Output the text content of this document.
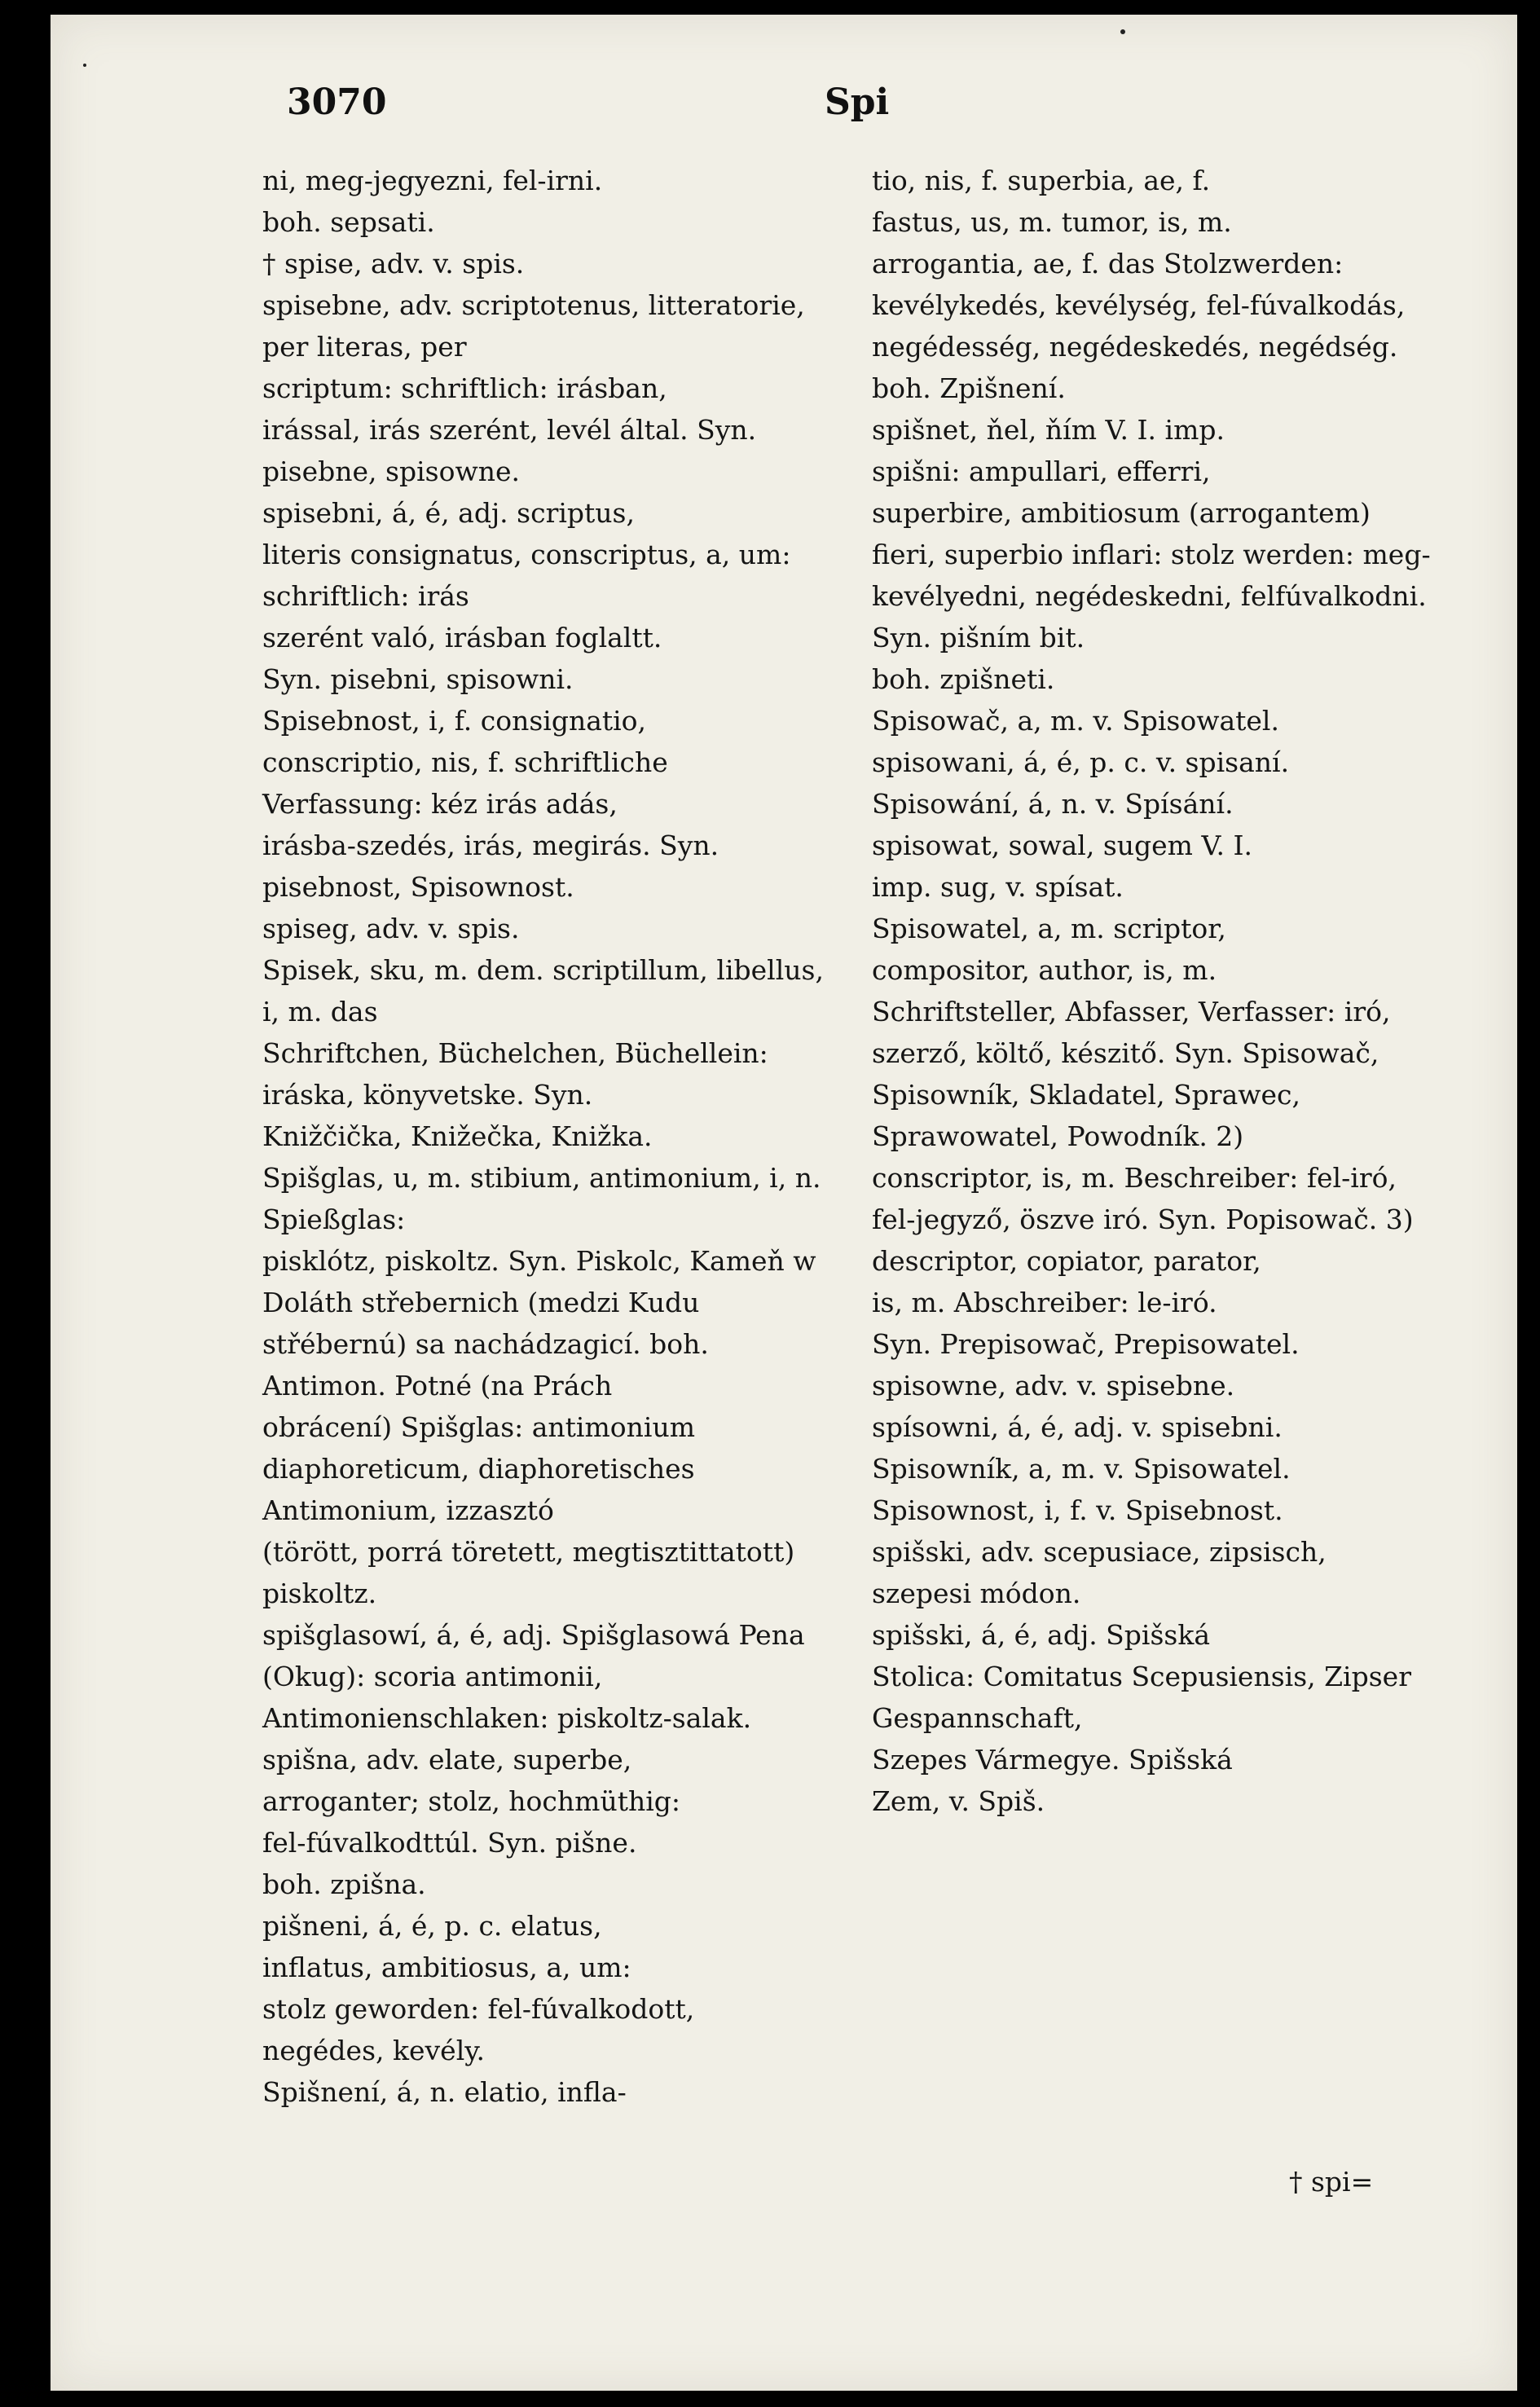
3070	Spi

ni, meg-jegyezni, fel-irni.
boh. sepsati.

† spise, adv. v. spis.

spisebne, adv. scriptotenus, litteratorie, per literas, per
scriptum: schriftlich: irásban,
irással, irás szerént, levél által. Syn. pisebne, spisowne.

spisebni, á, é, adj. scriptus,
literis consignatus, conscriptus, a, um: schriftlich: irás
szerént való, irásban foglaltt.
Syn. pisebni, spisowni.

Spisebnost, i, f. consignatio,
conscriptio, nis, f. schriftliche
Verfassung: kéz irás adás,
irásba-szedés, irás, megirás. Syn. pisebnost, Spisownost.

spiseg, adv. v. spis.

Spisek, sku, m. dem. scriptillum, libellus, i, m. das
Schriftchen, Büchelchen, Büchellein: iráska, könyvetske. Syn.
Knižčička, Knižečka, Knižka.

Spišglas, u, m. stibium, antimonium, i, n. Spießglas:
pisklótz, piskoltz. Syn. Piskolc, Kameň w Doláth střebernich (medzi Kudu střébernú) sa nachádzagicí. boh.
Antimon. Potné (na Prách
obrácení) Spišglas: antimonium diaphoreticum, diaphoretisches Antimonium, izzasztó
(törött, porrá töretett, megtisztittatott) piskoltz.

spišglasowí, á, é, adj. Spišglasowá Pena (Okug): scoria antimonii, Antimonienschlaken: piskoltz-salak.

spišna, adv. elate, superbe,
arroganter; stolz, hochmüthig:
fel-fúvalkodttúl. Syn. pišne.
boh. zpišna.

pišneni, á, é, p. c. elatus,
inflatus, ambitiosus, a, um:
stolz geworden: fel-fúvalkodott,
negédes, kevély.

Spišnení, á, n. elatio, infla-

tio, nis, f. superbia, ae, f.
fastus, us, m. tumor, is, m.
arrogantia, ae, f. das Stolzwerden: kevélykedés, kevélység, fel-fúvalkodás, negédesség, negédeskedés, negédség. boh. Zpišnení.

spišnet, ňel, ňím V. I. imp.

spišni: ampullari, efferri,
superbire, ambitiosum (arrogantem) fieri, superbio inflari: stolz werden: meg-kevélyedni, negédeskedni, felfúvalkodni. Syn. pišním bit.
boh. zpišneti.

Spisowač, a, m. v. Spisowatel.

spisowani, á, é, p. c. v. spisaní.

Spisowání, á, n. v. Spísání.

spisowat, sowal, sugem V. I.
imp. sug, v. spísat.

Spisowatel, a, m. scriptor,
compositor, author, is, m.
Schriftsteller, Abfasser, Verfasser: iró, szerző, költő, készitő. Syn. Spisowač, Spisowník, Skladatel, Sprawec,
Sprawowatel, Powodník. 2)
conscriptor, is, m. Beschreiber: fel-iró, fel-jegyző, öszve iró. Syn. Popisowač. 3)
descriptor, copiator, parator,
is, m. Abschreiber: le-iró.
Syn. Prepisowač, Prepisowatel.

spisowne, adv. v. spisebne.

spísowni, á, é, adj. v. spisebni.

Spisowník, a, m. v. Spisowatel.

Spisownost, i, f. v. Spisebnost.

spišski, adv. scepusiace, zipsisch,
szepesi módon.

spišski, á, é, adj. Spišská
Stolica: Comitatus Scepusiensis, Zipser Gespannschaft,
Szepes Vármegye. Spišská
Zem, v. Spiš.

† spi=
